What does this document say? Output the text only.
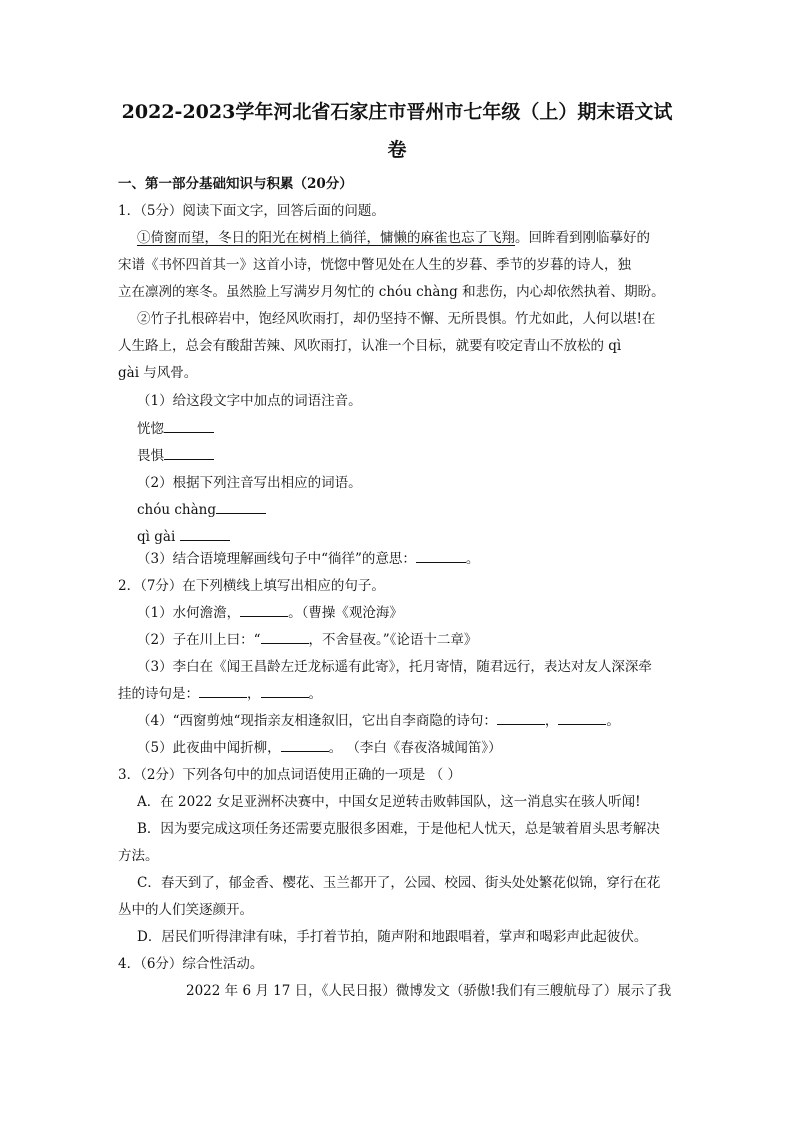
2022-2023学年河北省石家庄市晋州市七年级（上）期末语文试
卷
一、第一部分基础知识与积累（20分）
1．（5分）阅读下面文字，回答后面的问题。
①倚窗而望，冬日的阳光在树梢上徜徉，慵懒的麻雀也忘了飞翔。回眸看到刚临摹好的
宋谱《书怀四首其一》这首小诗，恍惚中瞥见处在人生的岁暮、季节的岁暮的诗人，独
立在凛冽的寒冬。虽然脸上写满岁月匆忙的 chóu chàng 和悲伤，内心却依然执着、期盼。
②竹子扎根碎岩中，饱经风吹雨打，却仍坚持不懈、无所畏惧。竹尤如此，人何以堪!在
人生路上，总会有酸甜苦辣、风吹雨打，认准一个目标，就要有咬定青山不放松的 qì
gài 与风骨。
（1）给这段文字中加点的词语注音。
恍惚
畏惧
（2）根据下列注音写出相应的词语。
chóu chàng
qì gài
（3）结合语境理解画线句子中“徜徉”的意思：	。
2．（7分）在下列横线上填写出相应的句子。
（1）水何澹澹，	。（曹操《观沧海》
（2）子在川上曰：“	，不舍昼夜。”《论语十二章》
（3）李白在《闻王昌龄左迁龙标遥有此寄》，托月寄情，随君远行，表达对友人深深牵
挂的诗句是：	，	。
（4）“西窗剪烛“现指亲友相逢叙旧，它出自李商隐的诗句：	，	。
（5）此夜曲中闻折柳，	。 （李白《春夜洛城闻笛》）
3．（2分）下列各句中的加点词语使用正确的一项是 （ ）
A．在 2022 女足亚洲杯决赛中，中国女足逆转击败韩国队，这一消息实在骇人听闻!
B．因为要完成这项任务还需要克服很多困难，于是他杞人忧天，总是皱着眉头思考解决
方法。
C．春天到了，郁金香、樱花、玉兰都开了，公园、校园、街头处处繁花似锦，穿行在花
丛中的人们笑逐颜开。
D．居民们听得津津有味，手打着节拍，随声附和地跟唱着，掌声和喝彩声此起彼伏。
4．（6分）综合性活动。
2022 年 6 月 17 日，《人民日报）微博发文（骄傲!我们有三艘航母了）展示了我
